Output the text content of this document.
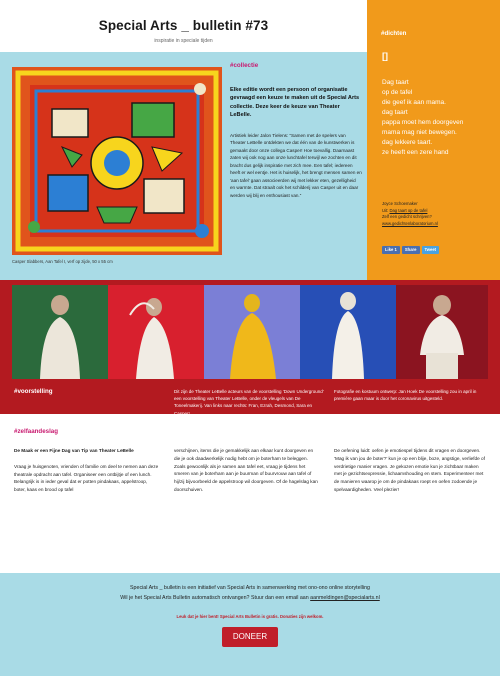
Special Arts _ bulletin #73
inspiratie in speciale tijden
Casper Slabbers, Aan Tafel I, verf op zijde, 50 x 55 cm
#collectie
Elke editie wordt een persoon of organisatie gevraagd een keuze te maken uit de Special Arts collectie. Deze keer de keuze van Theater LeBelle.
Artistiek leider Jalon Tielens: “Samen met de spelers van Theater LeBelle ontdekten we dat één van de kunstwerken is gemaakt door onze collega Casper! Hoe toevallig. Daarnaast zaten wij ook nog aan onze lunchtafel terwijl we zochten en dit bracht dus gelijk inspiratie met zich mee. Een tafel; iedereen heeft er wel eentje. Het is huiselijk, het brengt mensen samen en ‘aan tafel’ gaan associeerden wij met lekker eten, gezelligheid en warmte. Dat straalt ook het schilderij van Casper uit en daar werden wij blij en enthousiast van.”
#dichten
[]
Dag taart
op de tafel
die geef ik aan mama.
dag taart
pappa moet hem doorgeven
mama mag niet bewegen.
dag lekkere taart.
ze heeft een zere hand
Joyce Schoemaker
Uit: Dag taart op de tafel
Zelf een gedicht schrijven?
www.gedichtenlaboratorium.nl
Like 1	Share	Tweet
#voorstelling	Dit zijn de Theater LeBelle acteurs van de voorstelling ‘Down Underground’ een voorstelling van Theater LeBelle, onder de vleugels van De Toneelmakerij. Van links naar rechts: Fran, Ezrah, Desmond, Sara en Casper!
Fotografie en kostuum ontwerp: Jan Hoek De voorstelling zou in april in première gaan maar is door het coronavirus uitgesteld.
#zelfaandeslag
De Maak er een Fijne Dag van Tip van Theater LeBelle
Vraag je huisgenoten, vrienden of familie om deel te nemen aan deze theatrale opdracht aan tafel. Organiseer een ontbijtje of een lunch. Belangrijk is in ieder geval dat er potten pindakaas, appelstroop, boter, kaas en brood op tafel
verschijnen, items die je gemakkelijk aan elkaar kunt doorgeven en die je ook daadwerkelijk nodig hebt om je boterham te beleggen. Zoals gewoonlijk als je samen aan tafel eet, vraag je tijdens het smeren van je boterham aan je buurman of buurvrouw aan tafel of hij/zij bijvoorbeeld de appelstroop wil doorgeven. Of de hagelslag kan doorschuiven.
De oefening luidt: oefen je emotiespel tijdens dit vragen en doorgeven. ‘Mag ik van jou de boter?’ kun je op een blije, boze, angstige, verliefde of verdrietige manier vragen. Je gekozen emotie kun je zichtbaar maken met je gezichtsexpressie, lichaamshouding en stem. Experimenteer met de manieren waarop je om de pindakaas roept en oefen zodoende je spelvaardigheden. Veel plezier!
Special Arts _ bulletin is een initiatief van Special Arts in samenwerking met ono-ono online storytelling
Wil je het Special Arts Bulletin automatisch ontvangen? Stuur dan een email aan aanmeldingen@specialarts.nl
Leuk dat je hier bent! Special Arts Bulletin is gratis. Donaties zijn welkom.
DONEER
